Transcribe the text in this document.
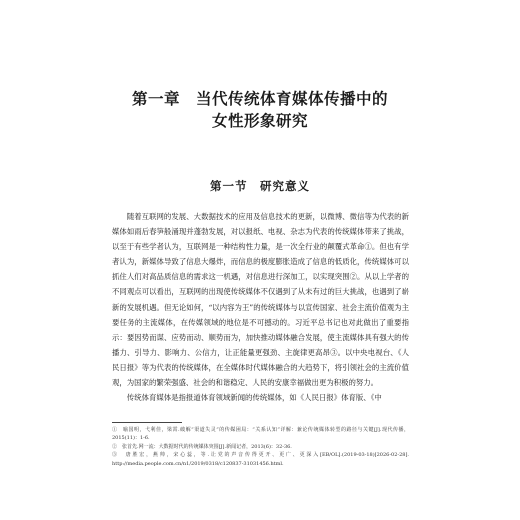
第一章　当代传统体育媒体传播中的
女性形象研究
第一节　研究意义

随着互联网的发展、大数据技术的应用及信息技术的更新，以微博、微信等为代表的新媒体如雨后春笋般涌现并蓬勃发展，对以报纸、电视、杂志为代表的传统媒体带来了挑战，以至于有些学者认为，互联网是一种结构性力量，是一次全行业的颠覆式革命①。但也有学者认为，新媒体导致了信息大爆炸，而信息的极度膨胀造成了信息的低质化，传统媒体可以抓住人们对高品质信息的需求这一机遇，对信息进行深加工，以实现突围②。从以上学者的不同观点可以看出，互联网的出现使传统媒体不仅遇到了从未有过的巨大挑战，也遇到了崭新的发展机遇。但无论如何，“以内容为王”的传统媒体与以宣传国家、社会主流价值观为主要任务的主流媒体，在传媒领域的地位是不可撼动的。习近平总书记也对此做出了重要指示：要因势而谋、应势而动、顺势而为，加快推动媒体融合发展，使主流媒体具有强大的传播力、引导力、影响力、公信力，让正能量更强劲、主旋律更高昂③。以中央电视台、《人民日报》等为代表的传统媒体，在全媒体时代媒体融合的大趋势下，将引领社会的主流价值观，为国家的繁荣强盛、社会的和谐稳定、人民的安康幸福做出更为积极的努力。

传统体育媒体是指报道体育领域新闻的传统媒体，如《人民日报》体育版、《中

①　喻国明，弋利佳，梁霄.破解“渠道失灵”的传媒困局：“关系认知”详解：兼论传统媒体转型的路径与关键[J].现代传播，2015(11)：1-6.

②　张首先.网一流：大数据时代的传统媒体突围[J].新闻记者，2013(6)：32-36.

③　唐胜宏，燕帅，宋心蕊，等.让党的声音传得更开、更广、更深入[EB/OL].(2019-03-18)[2026-02-28]. http://media.people.com.cn/n1/2019/0318/c120837-31031456.html.
